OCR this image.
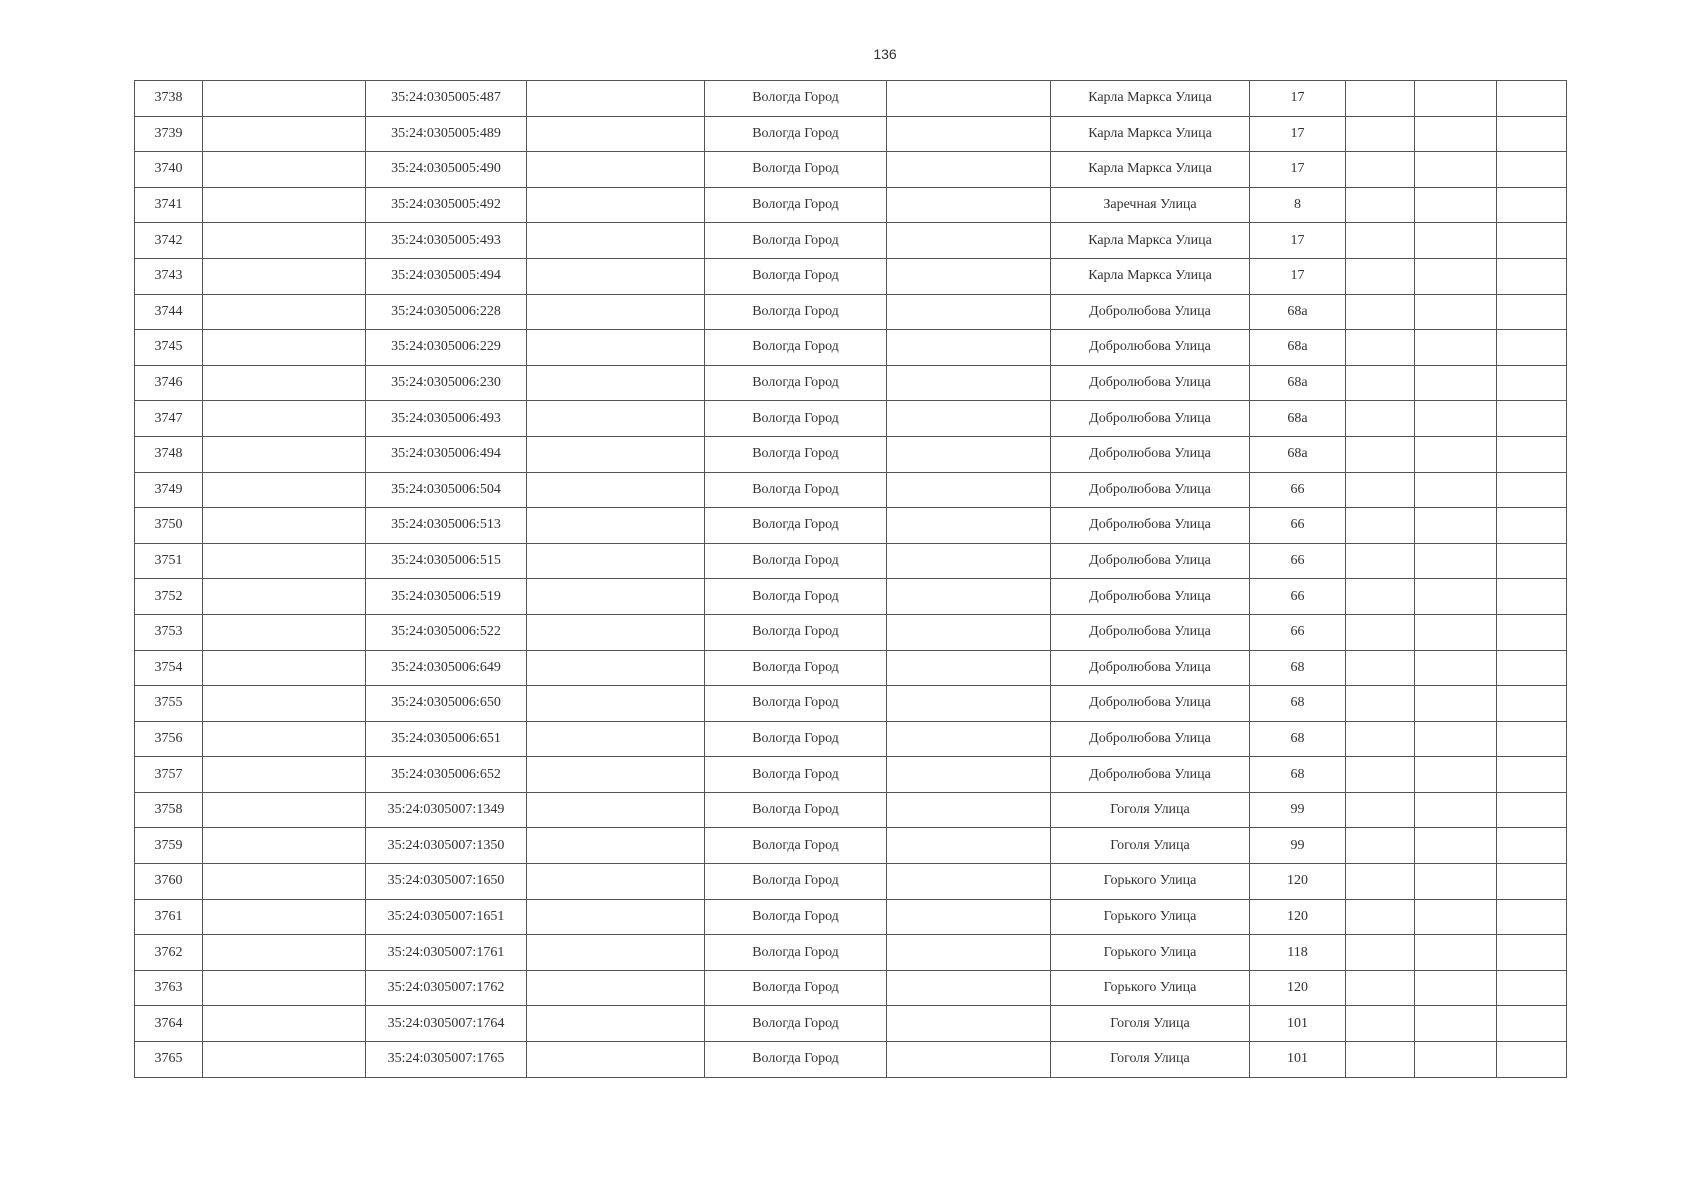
136
3738		35:24:0305005:487		Вологда Город		Карла Маркса Улица	17			
3739		35:24:0305005:489		Вологда Город		Карла Маркса Улица	17			
3740		35:24:0305005:490		Вологда Город		Карла Маркса Улица	17			
3741		35:24:0305005:492		Вологда Город		Заречная Улица	8			
3742		35:24:0305005:493		Вологда Город		Карла Маркса Улица	17			
3743		35:24:0305005:494		Вологда Город		Карла Маркса Улица	17			
3744		35:24:0305006:228		Вологда Город		Добролюбова Улица	68а			
3745		35:24:0305006:229		Вологда Город		Добролюбова Улица	68а			
3746		35:24:0305006:230		Вологда Город		Добролюбова Улица	68а			
3747		35:24:0305006:493		Вологда Город		Добролюбова Улица	68а			
3748		35:24:0305006:494		Вологда Город		Добролюбова Улица	68а			
3749		35:24:0305006:504		Вологда Город		Добролюбова Улица	66			
3750		35:24:0305006:513		Вологда Город		Добролюбова Улица	66			
3751		35:24:0305006:515		Вологда Город		Добролюбова Улица	66			
3752		35:24:0305006:519		Вологда Город		Добролюбова Улица	66			
3753		35:24:0305006:522		Вологда Город		Добролюбова Улица	66			
3754		35:24:0305006:649		Вологда Город		Добролюбова Улица	68			
3755		35:24:0305006:650		Вологда Город		Добролюбова Улица	68			
3756		35:24:0305006:651		Вологда Город		Добролюбова Улица	68			
3757		35:24:0305006:652		Вологда Город		Добролюбова Улица	68			
3758		35:24:0305007:1349		Вологда Город		Гоголя Улица	99			
3759		35:24:0305007:1350		Вологда Город		Гоголя Улица	99			
3760		35:24:0305007:1650		Вологда Город		Горького Улица	120			
3761		35:24:0305007:1651		Вологда Город		Горького Улица	120			
3762		35:24:0305007:1761		Вологда Город		Горького Улица	118			
3763		35:24:0305007:1762		Вологда Город		Горького Улица	120			
3764		35:24:0305007:1764		Вологда Город		Гоголя Улица	101			
3765		35:24:0305007:1765		Вологда Город		Гоголя Улица	101			
